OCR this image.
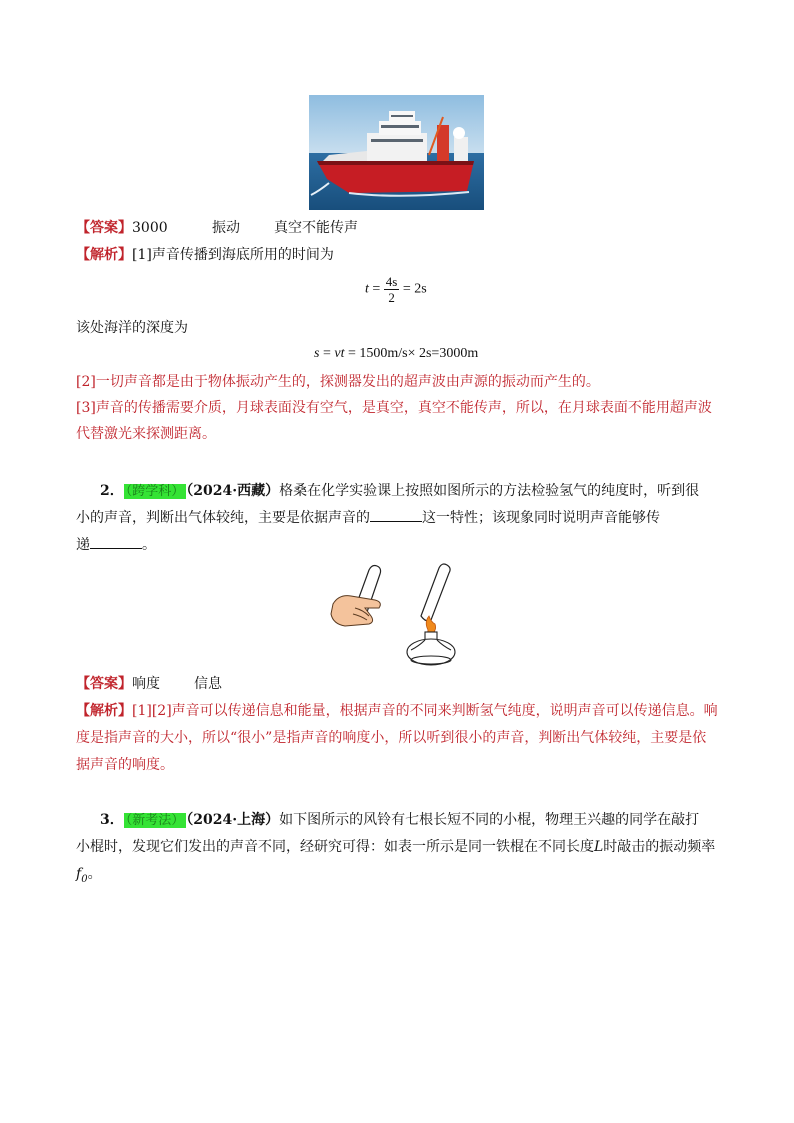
【答案】3000	振动 真空不能传声
【解析】[1]声音传播到海底所用的时间为
$t = \frac{4s}{2} = 2s$
该处海洋的深度为
s = vt = 1500m/s× 2s=3000m
[2]一切声音都是由于物体振动产生的，探测器发出的超声波由声源的振动而产生的。
[3]声音的传播需要介质，月球表面没有空气，是真空，真空不能传声，所以，在月球表面不能用超声波
代替激光来探测距离。
2． （跨学科） （2024·西藏）格桑在化学实验课上按照如图所示的方法检验氢气的纯度时，听到很
小的声音，判断出气体较纯，主要是依据声音的	这一特性；该现象同时说明声音能够传
递	。
【答案】响度 信息
【解析】[1][2]声音可以传递信息和能量，根据声音的不同来判断氢气纯度，说明声音可以传递信息。响
度是指声音的大小，所以“很小”是指声音的响度小，所以听到很小的声音，判断出气体较纯，主要是依
据声音的响度。
3． （新考法） （2024·上海）如下图所示的风铃有七根长短不同的小棍，物理王兴趣的同学在敲打
小棍时，发现它们发出的声音不同，经研究可得：如表一所示是同一铁棍在不同长度L时敲击的振动频率
$f_0$。
